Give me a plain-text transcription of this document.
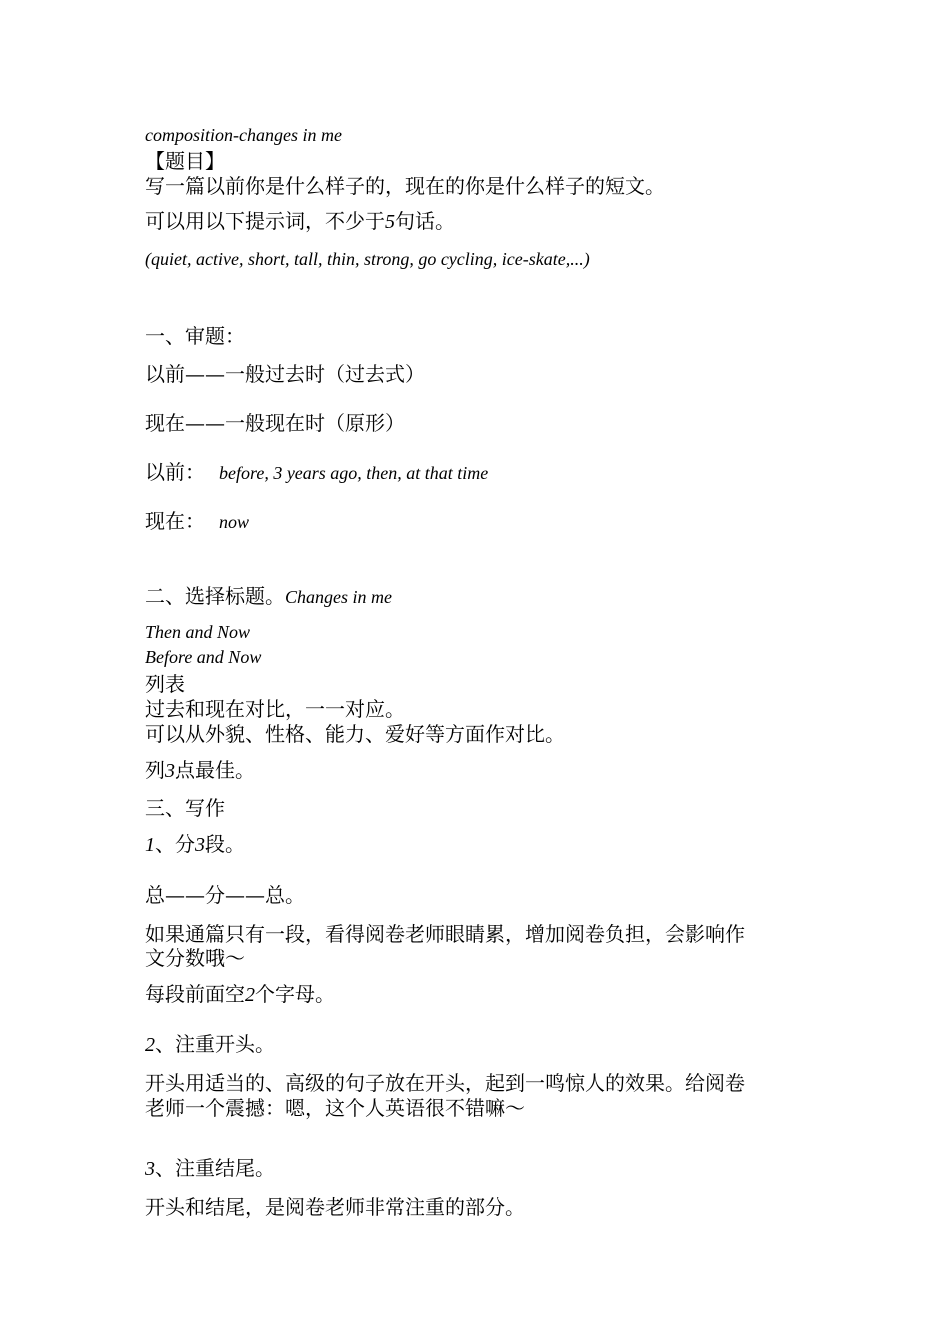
composition-changes in me
【题目】
写一篇以前你是什么样子的，现在的你是什么样子的短文。
可以用以下提示词，不少于5句话。
(quiet, active, short, tall, thin, strong, go cycling, ice-skate,...)
一、审题：
以前——一般过去时（过去式）
现在——一般现在时（原形）
以前： before, 3 years ago, then, at that time
现在： now
二、选择标题。Changes in me
Then and Now
Before and Now
列表
过去和现在对比，一一对应。
可以从外貌、性格、能力、爱好等方面作对比。
列3点最佳。
三、写作
1、分3段。
总——分——总。
如果通篇只有一段，看得阅卷老师眼睛累，增加阅卷负担，会影响作
文分数哦～
每段前面空2个字母。
2、注重开头。
开头用适当的、高级的句子放在开头，起到一鸣惊人的效果。给阅卷
老师一个震撼：嗯，这个人英语很不错嘛～
3、注重结尾。
开头和结尾，是阅卷老师非常注重的部分。
